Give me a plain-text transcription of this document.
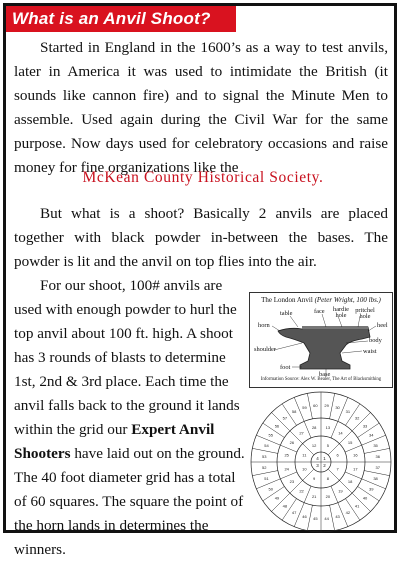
What is an Anvil Shoot?
Started in England in the 1600’s as a way to test anvils, later in America it was used to intimidate the British (it sounds like cannon fire) and to signal the Minute Men to assemble. Used again during the Civil War for the same purpose. Now days used for celebratory occasions and raise money for fine organizations like the
McKean County Historical Society.
But what is a shoot? Basically 2 anvils are placed together with black powder in-between the bases. The powder is lit and the anvil on top flies into the air.
For our shoot, 100# anvils are used with enough powder to hurl the top anvil about 100 ft. high. A shoot has 3 rounds of blasts to determine 1st, 2nd & 3rd place. Each time the anvil falls back to the ground it lands within the grid our Expert Anvil Shooters have laid out on the ground. The 40 foot diameter grid has a total of 60 squares. The square the point of the horn lands in determines the winners.
The London Anvil (Peter Wright, 100 lbs.)
table	face hardie hole
pritchel hole
heel
horn
body
shoulder	waist
foot
base
Information Source: Alex W. Bealer, The Art of Blacksmithing
1
2
3
4
5
6
7
8
9
10
11
12
13
14
15
16
17
18
19
20
21
22
23
24
25
26
27
28
29 30
31
32
33
34
35
36
37
38
39
40
41
42
43
44
45
46
47
48
49
50
51
52
53
54
55
56
57
58
59 60
